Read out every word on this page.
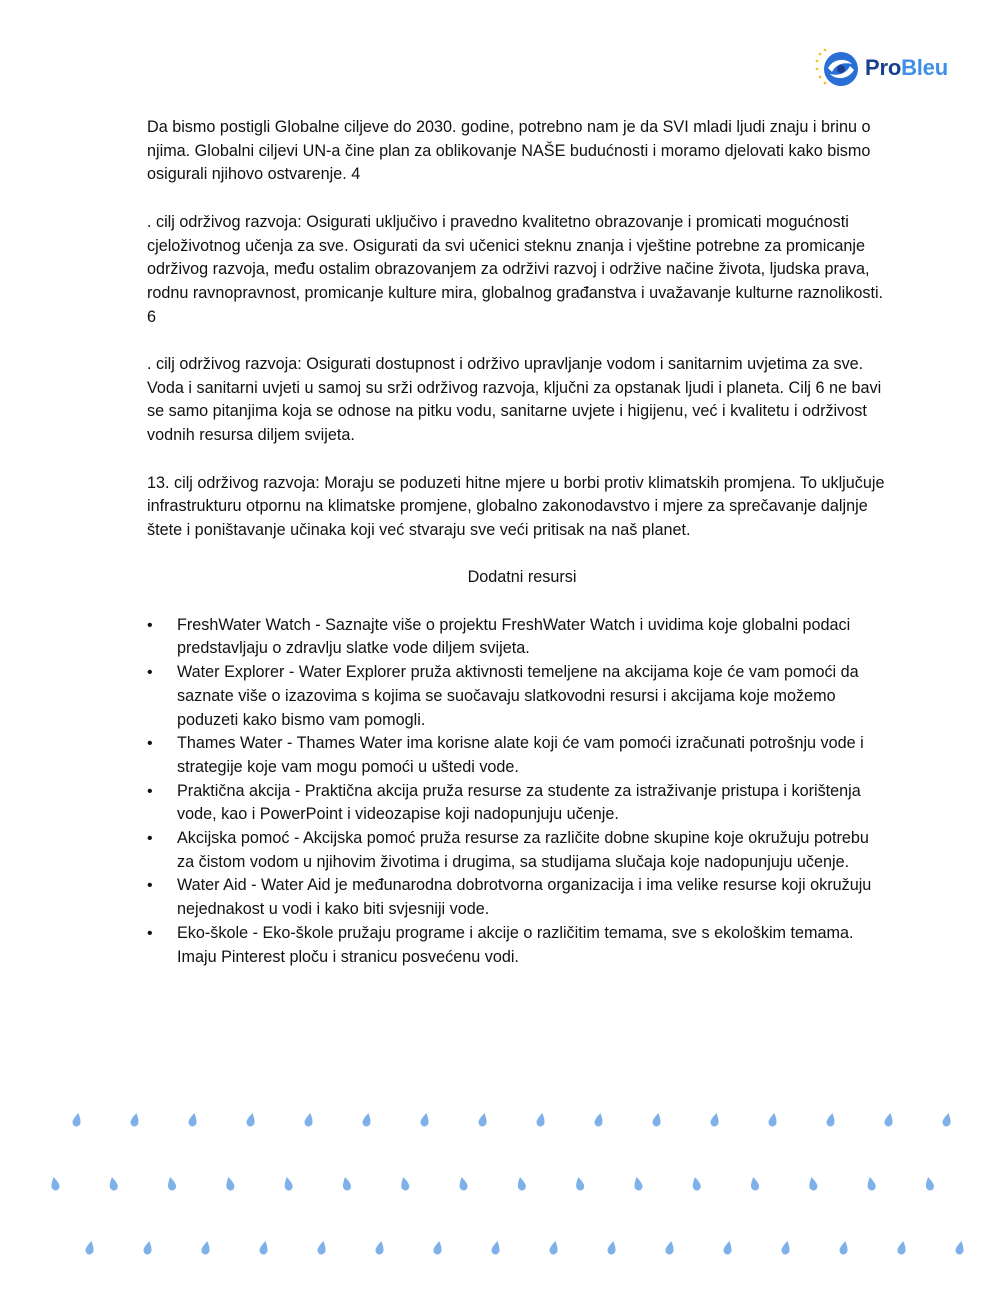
ProBleu

Da bismo postigli Globalne ciljeve do 2030. godine, potrebno nam je da SVI mladi ljudi znaju i brinu o njima. Globalni ciljevi UN-a čine plan za oblikovanje NAŠE budućnosti i moramo djelovati kako bismo osigurali njihovo ostvarenje. 4

. cilj održivog razvoja: Osigurati uključivo i pravedno kvalitetno obrazovanje i promicati mogućnosti cjeloživotnog učenja za sve. Osigurati da svi učenici steknu znanja i vještine potrebne za promicanje održivog razvoja, među ostalim obrazovanjem za održivi razvoj i održive načine života, ljudska prava, rodnu ravnopravnost, promicanje kulture mira, globalnog građanstva i uvažavanje kulturne raznolikosti. 6

. cilj održivog razvoja: Osigurati dostupnost i održivo upravljanje vodom i sanitarnim uvjetima za sve. Voda i sanitarni uvjeti u samoj su srži održivog razvoja, ključni za opstanak ljudi i planeta. Cilj 6 ne bavi se samo pitanjima koja se odnose na pitku vodu, sanitarne uvjete i higijenu, već i kvalitetu i održivost vodnih resursa diljem svijeta.

13. cilj održivog razvoja: Moraju se poduzeti hitne mjere u borbi protiv klimatskih promjena. To uključuje infrastrukturu otpornu na klimatske promjene, globalno zakonodavstvo i mjere za sprečavanje daljnje štete i poništavanje učinaka koji već stvaraju sve veći pritisak na naš planet.

Dodatni resursi

• FreshWater Watch - Saznajte više o projektu FreshWater Watch i uvidima koje globalni podaci predstavljaju o zdravlju slatke vode diljem svijeta.
• Water Explorer - Water Explorer pruža aktivnosti temeljene na akcijama koje će vam pomoći da saznate više o izazovima s kojima se suočavaju slatkovodni resursi i akcijama koje možemo poduzeti kako bismo vam pomogli.
• Thames Water - Thames Water ima korisne alate koji će vam pomoći izračunati potrošnju vode i strategije koje vam mogu pomoći u uštedi vode.
• Praktična akcija - Praktična akcija pruža resurse za studente za istraživanje pristupa i korištenja vode, kao i PowerPoint i videozapise koji nadopunjuju učenje.
• Akcijska pomoć - Akcijska pomoć pruža resurse za različite dobne skupine koje okružuju potrebu za čistom vodom u njihovim životima i drugima, sa studijama slučaja koje nadopunjuju učenje.
• Water Aid - Water Aid je međunarodna dobrotvorna organizacija i ima velike resurse koji okružuju nejednakost u vodi i kako biti svjesniji vode.
• Eko-škole - Eko-škole pružaju programe i akcije o različitim temama, sve s ekološkim temama. Imaju Pinterest ploču i stranicu posvećenu vodi.
